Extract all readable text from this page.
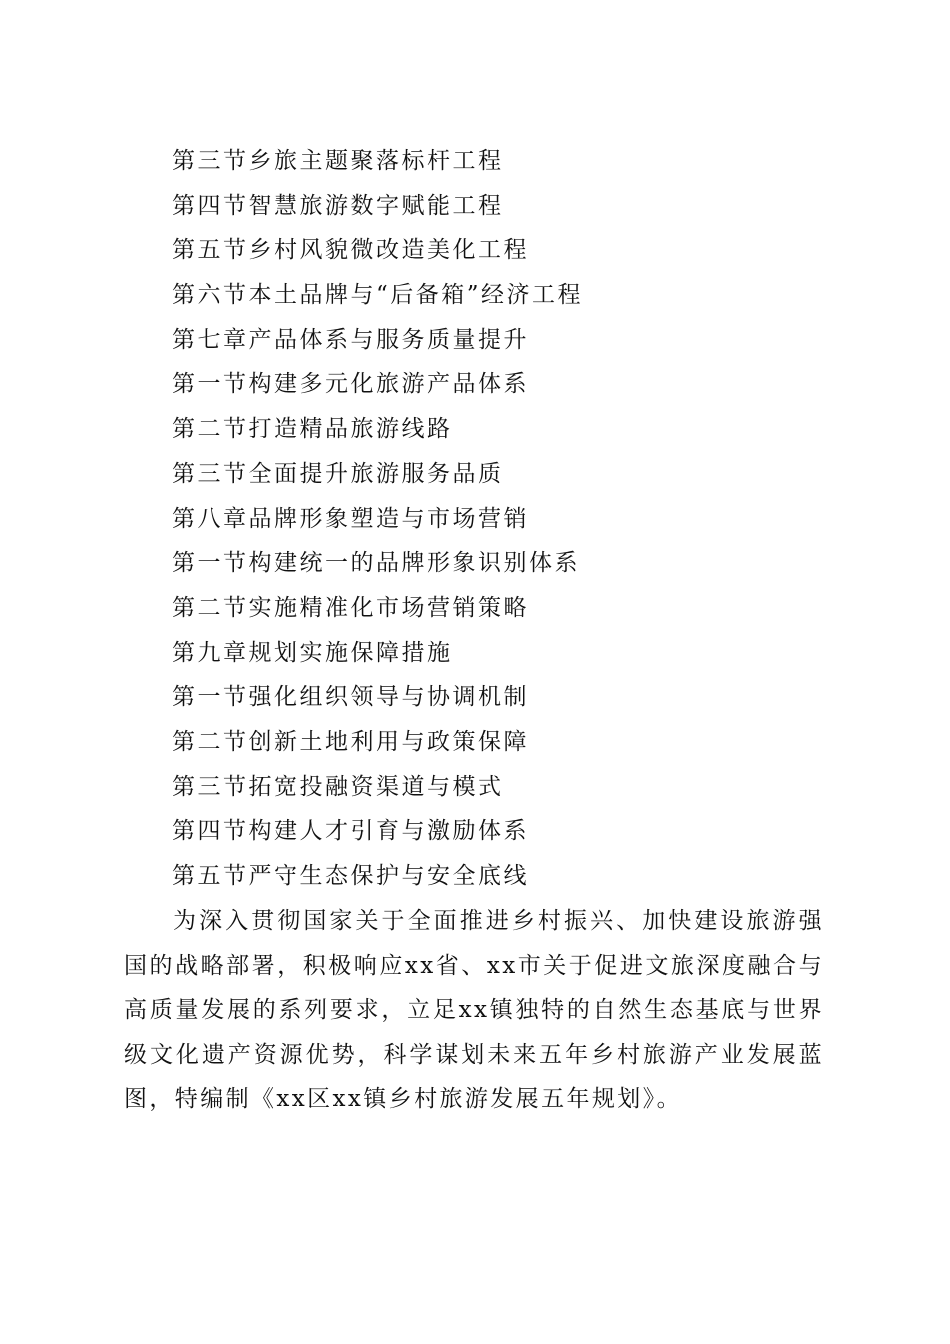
第三节乡旅主题聚落标杆工程
第四节智慧旅游数字赋能工程
第五节乡村风貌微改造美化工程
第六节本土品牌与“后备箱”经济工程
第七章产品体系与服务质量提升
第一节构建多元化旅游产品体系
第二节打造精品旅游线路
第三节全面提升旅游服务品质
第八章品牌形象塑造与市场营销
第一节构建统一的品牌形象识别体系
第二节实施精准化市场营销策略
第九章规划实施保障措施
第一节强化组织领导与协调机制
第二节创新土地利用与政策保障
第三节拓宽投融资渠道与模式
第四节构建人才引育与激励体系
第五节严守生态保护与安全底线

为深入贯彻国家关于全面推进乡村振兴、加快建设旅游强国的战略部署，积极响应xx省、xx市关于促进文旅深度融合与高质量发展的系列要求，立足xx镇独特的自然生态基底与世界级文化遗产资源优势，科学谋划未来五年乡村旅游产业发展蓝图，特编制《xx区xx镇乡村旅游发展五年规划》。
